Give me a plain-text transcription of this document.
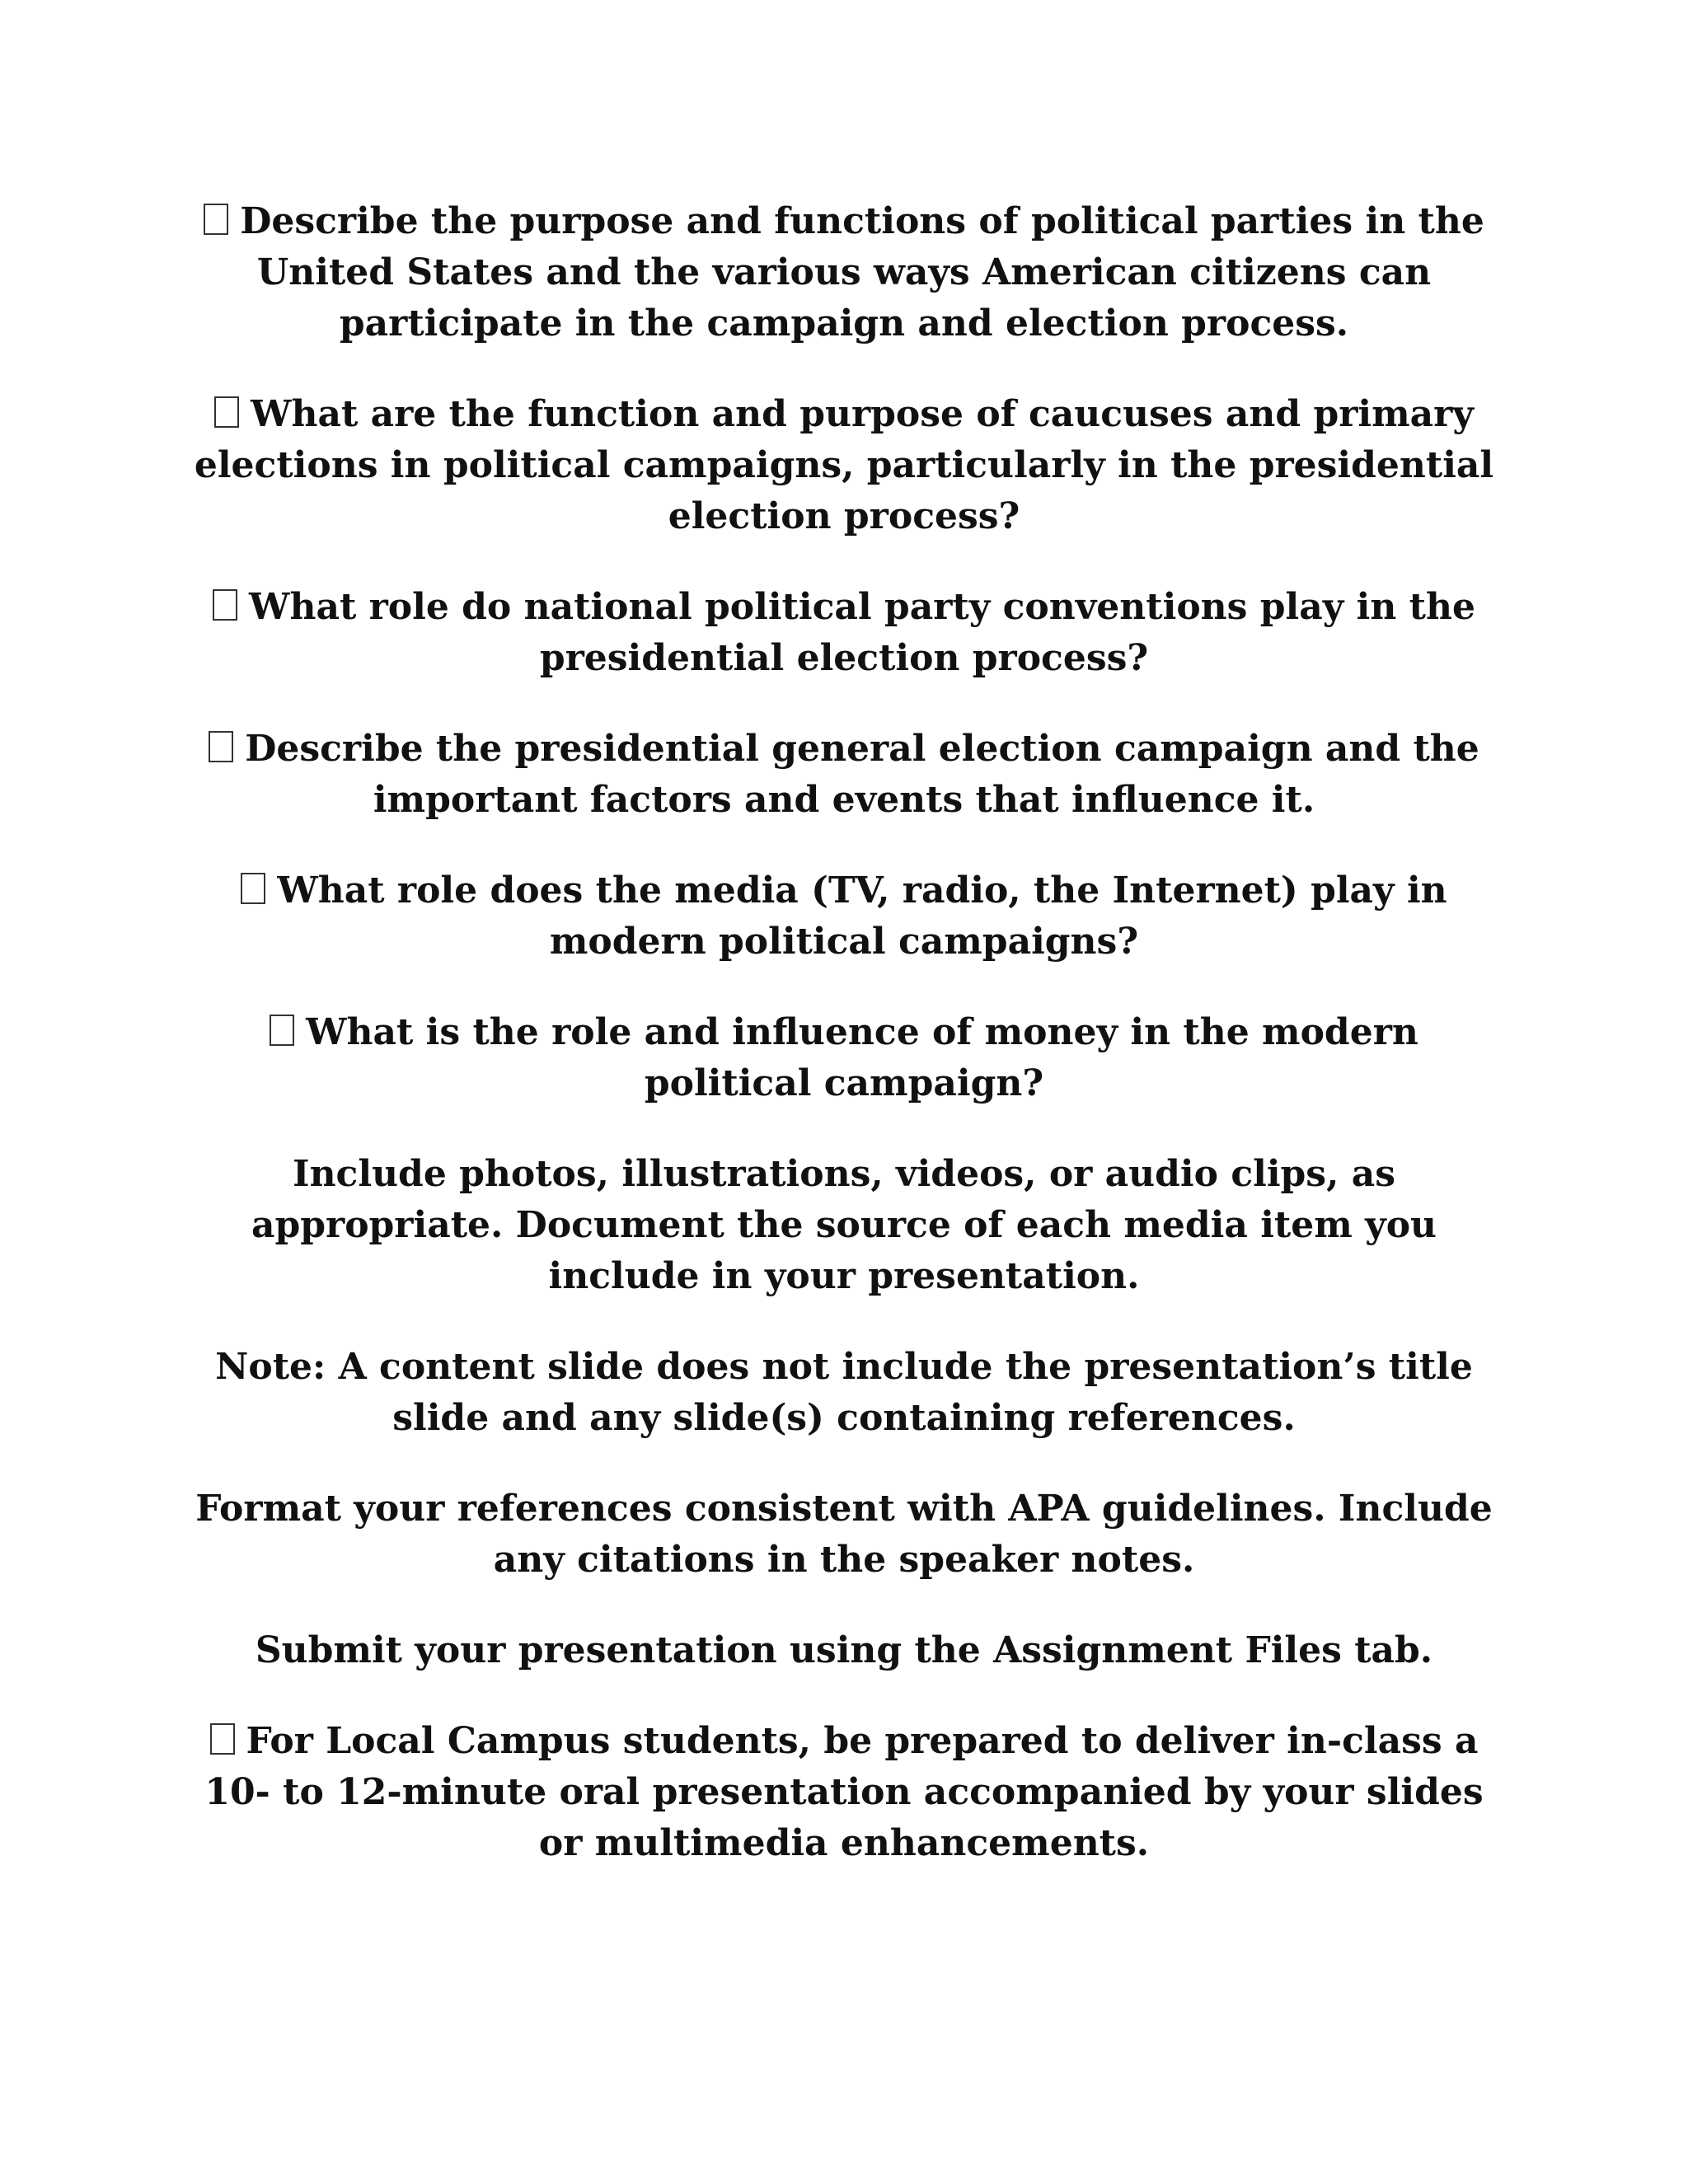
Describe the purpose and functions of political parties in the United States and the various ways American citizens can participate in the campaign and election process.

What are the function and purpose of caucuses and primary elections in political campaigns, particularly in the presidential election process?

What role do national political party conventions play in the presidential election process?

Describe the presidential general election campaign and the important factors and events that influence it.

What role does the media (TV, radio, the Internet) play in modern political campaigns?

What is the role and influence of money in the modern political campaign?

Include photos, illustrations, videos, or audio clips, as appropriate. Document the source of each media item you include in your presentation.

Note: A content slide does not include the presentation’s title slide and any slide(s) containing references.

Format your references consistent with APA guidelines. Include any citations in the speaker notes.

Submit your presentation using the Assignment Files tab.

For Local Campus students, be prepared to deliver in-class a 10- to 12-minute oral presentation accompanied by your slides or multimedia enhancements.
